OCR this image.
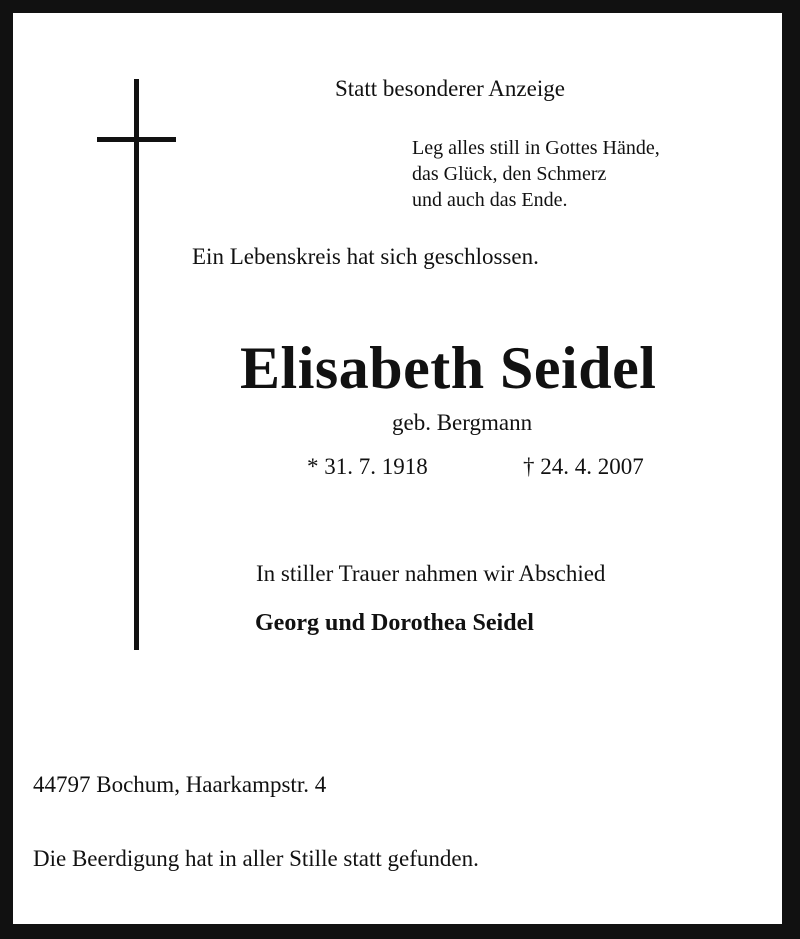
Statt besonderer Anzeige

Leg alles still in Gottes Hände,
das Glück, den Schmerz
und auch das Ende.

Ein Lebenskreis hat sich geschlossen.

Elisabeth Seidel

geb. Bergmann

* 31. 7. 1918	† 24. 4. 2007

In stiller Trauer nahmen wir Abschied

Georg und Dorothea Seidel

44797 Bochum, Haarkampstr. 4

Die Beerdigung hat in aller Stille statt gefunden.
